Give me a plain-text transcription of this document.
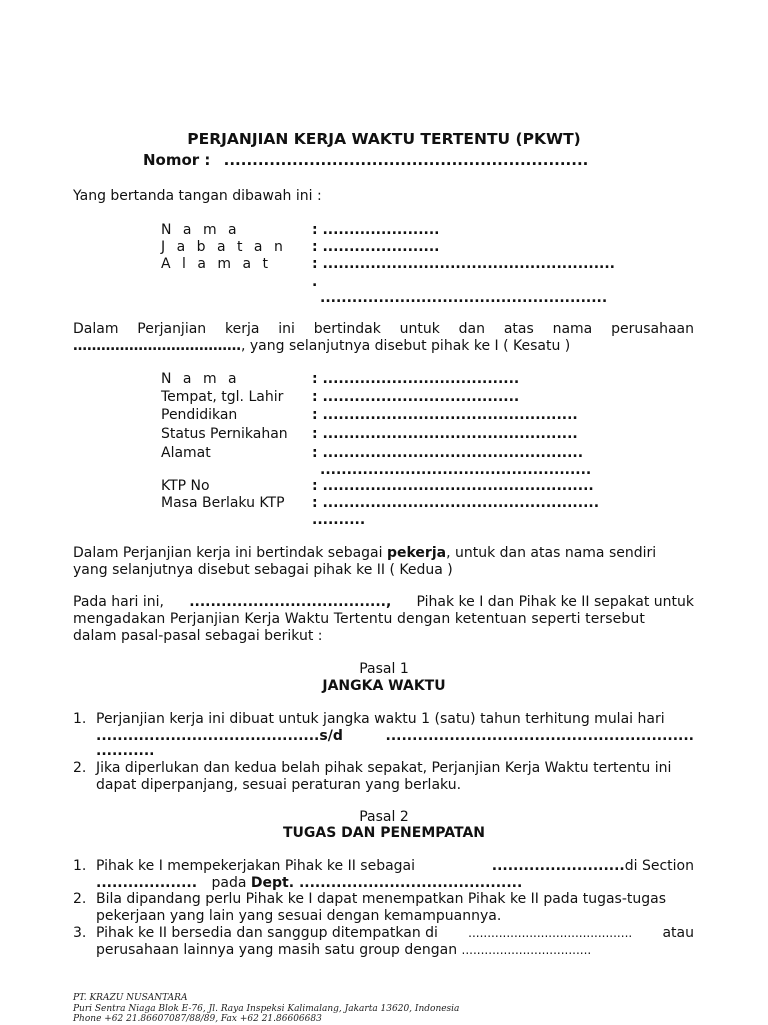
PERJANJIAN KERJA WAKTU TERTENTU (PKWT)
Nomor : ................................................................
Yang bertanda tangan dibawah ini :
N a m a	: ......................
J a b a t a n : ......................
A l a m a t	: .......................................................
.
......................................................
Dalam Perjanjian kerja ini bertindak untuk dan atas nama perusahaan
………………………………, yang selanjutnya disebut pihak ke I ( Kesatu )
N a m a	: .....................................
Tempat, tgl. Lahir : .....................................
Pendidikan	: ................................................
Status Pernikahan : ................................................
Alamat	: .................................................
...................................................
KTP No	: ...................................................
Masa Berlaku KTP : ....................................................
..........
Dalam Perjanjian kerja ini bertindak sebagai pekerja, untuk dan atas nama sendiri
yang selanjutnya disebut sebagai pihak ke II ( Kedua )
Pada hari ini, ....................................., Pihak ke I dan Pihak ke II sepakat untuk
mengadakan Perjanjian Kerja Waktu Tertentu dengan ketentuan seperti tersebut
dalam pasal-pasal sebagai berikut :
Pasal 1
JANGKA WAKTU
1. Perjanjian kerja ini dibuat untuk jangka waktu 1 (satu) tahun terhitung mulai hari
..........................................s/d	..........................................................
...........
2. Jika diperlukan dan kedua belah pihak sepakat, Perjanjian Kerja Waktu tertentu ini
dapat diperpanjang, sesuai peraturan yang berlaku.
Pasal 2
TUGAS DAN PENEMPATAN
1. Pihak ke I mempekerjakan Pihak ke II sebagai	.........................di Section
................... pada Dept. ..........................................
2. Bila dipandang perlu Pihak ke I dapat menempatkan Pihak ke II pada tugas-tugas
pekerjaan yang lain yang sesuai dengan kemampuannya.
3. Pihak ke II bersedia dan sanggup ditempatkan di	........................................... atau
perusahaan lainnya yang masih satu group dengan ..................................
PT. KRAZU NUSANTARA
Puri Sentra Niaga Blok E-76, Jl. Raya Inspeksi Kalimalang, Jakarta 13620, Indonesia
Phone +62 21.86607087/88/89, Fax +62 21.86606683
